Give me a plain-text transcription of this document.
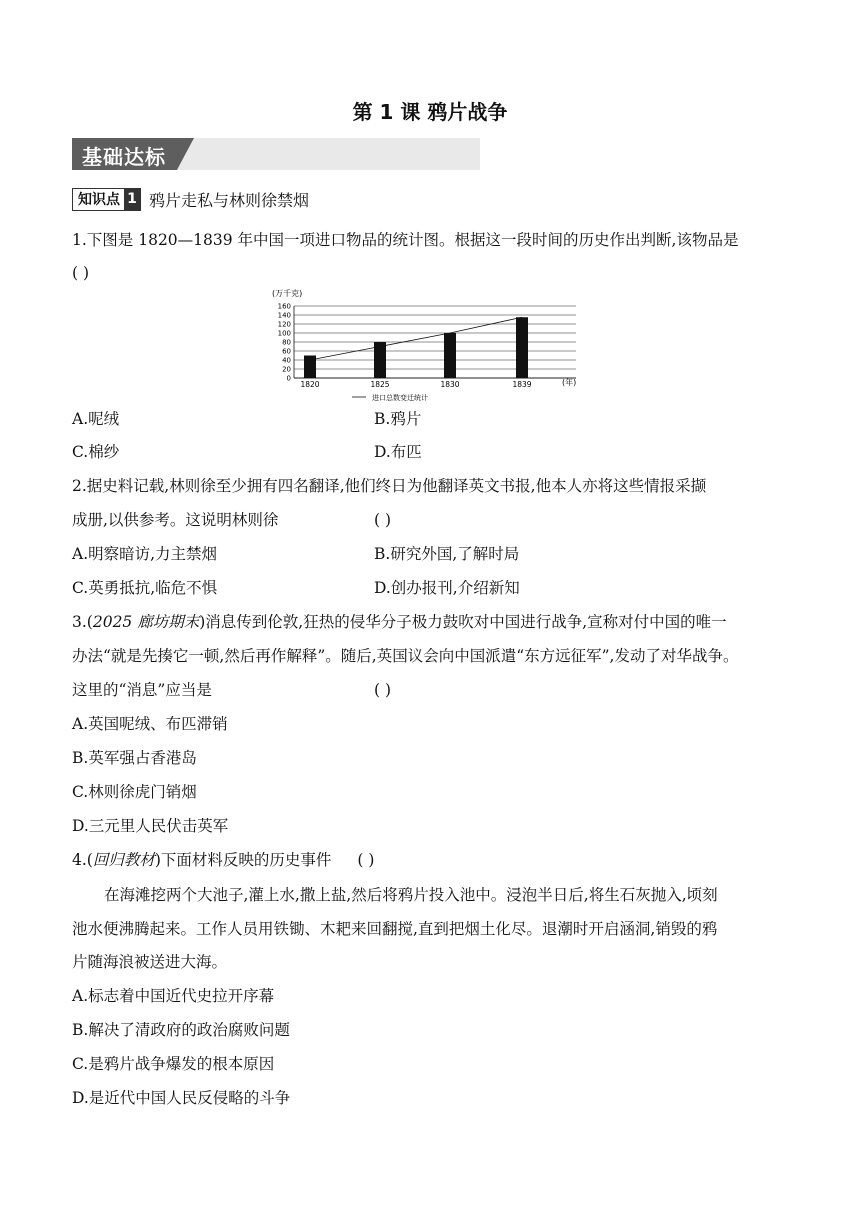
第 1 课 鸦片战争
基础达标
知识点 1 鸦片走私与林则徐禁烟
1.下图是 1820—1839 年中国一项进口物品的统计图。根据这一段时间的历史作出判断,该物品是
( )
0
20
40
60
80
100
120
140
160
1820	1825	1830	1839
(万千克)
(年)
进口总数变迁统计
A.呢绒	B.鸦片
C.棉纱	D.布匹
2.据史料记载,林则徐至少拥有四名翻译,他们终日为他翻译英文书报,他本人亦将这些情报采撷
成册,以供参考。这说明林则徐	( )
A.明察暗访,力主禁烟	B.研究外国,了解时局
C.英勇抵抗,临危不惧	D.创办报刊,介绍新知
3.(2025 廊坊期末)消息传到伦敦,狂热的侵华分子极力鼓吹对中国进行战争,宣称对付中国的唯一
办法“就是先揍它一顿,然后再作解释”。随后,英国议会向中国派遣“东方远征军”,发动了对华战争。
这里的“消息”应当是	( )
A.英国呢绒、布匹滞销
B.英军强占香港岛
C.林则徐虎门销烟
D.三元里人民伏击英军
4.(回归教材)下面材料反映的历史事件 ( )
在海滩挖两个大池子,灌上水,撒上盐,然后将鸦片投入池中。浸泡半日后,将生石灰抛入,顷刻
池水便沸腾起来。工作人员用铁锄、木耙来回翻搅,直到把烟土化尽。退潮时开启涵洞,销毁的鸦
片随海浪被送进大海。
A.标志着中国近代史拉开序幕
B.解决了清政府的政治腐败问题
C.是鸦片战争爆发的根本原因
D.是近代中国人民反侵略的斗争
